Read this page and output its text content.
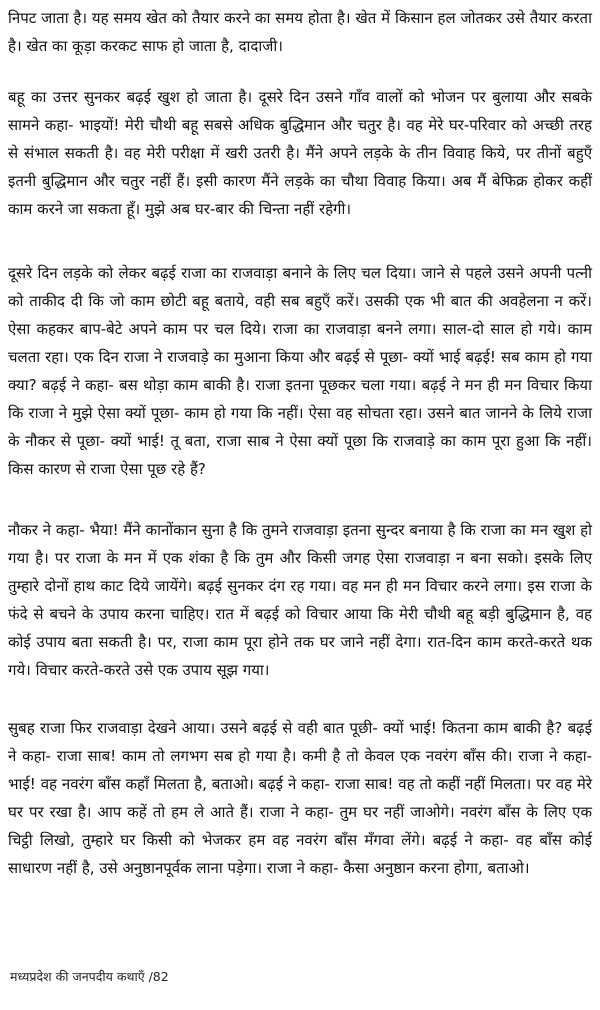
निपट जाता है। यह समय खेत को तैयार करने का समय होता है। खेत में किसान हल जोतकर उसे तैयार करता है। खेत का कूड़ा करकट साफ हो जाता है, दादाजी।

बहू का उत्तर सुनकर बढ़ई खुश हो जाता है। दूसरे दिन उसने गाँव वालों को भोजन पर बुलाया और सबके सामने कहा- भाइयों! मेरी चौथी बहू सबसे अधिक बुद्धिमान और चतुर है। वह मेरे घर-परिवार को अच्छी तरह से संभाल सकती है। वह मेरी परीक्षा में खरी उतरी है। मैंने अपने लड़के के तीन विवाह किये, पर तीनों बहुएँ इतनी बुद्धिमान और चतुर नहीं हैं। इसी कारण मैंने लड़के का चौथा विवाह किया। अब मैं बेफिक्र होकर कहीं काम करने जा सकता हूँ। मुझे अब घर-बार की चिन्ता नहीं रहेगी।

दूसरे दिन लड़के को लेकर बढ़ई राजा का राजवाड़ा बनाने के लिए चल दिया। जाने से पहले उसने अपनी पत्नी को ताकीद दी कि जो काम छोटी बहू बताये, वही सब बहुएँ करें। उसकी एक भी बात की अवहेलना न करें। ऐसा कहकर बाप-बेटे अपने काम पर चल दिये। राजा का राजवाड़ा बनने लगा। साल-दो साल हो गये। काम चलता रहा। एक दिन राजा ने राजवाड़े का मुआना किया और बढ़ई से पूछा- क्यों भाई बढ़ई! सब काम हो गया क्या? बढ़ई ने कहा- बस थोड़ा काम बाकी है। राजा इतना पूछकर चला गया। बढ़ई ने मन ही मन विचार किया कि राजा ने मुझे ऐसा क्यों पूछा- काम हो गया कि नहीं। ऐसा वह सोचता रहा। उसने बात जानने के लिये राजा के नौकर से पूछा- क्यों भाई! तू बता, राजा साब ने ऐसा क्यों पूछा कि राजवाड़े का काम पूरा हुआ कि नहीं। किस कारण से राजा ऐसा पूछ रहे हैं?

नौकर ने कहा- भैया! मैंने कानोंकान सुना है कि तुमने राजवाड़ा इतना सुन्दर बनाया है कि राजा का मन खुश हो गया है। पर राजा के मन में एक शंका है कि तुम और किसी जगह ऐसा राजवाड़ा न बना सको। इसके लिए तुम्हारे दोनों हाथ काट दिये जायेंगे। बढ़ई सुनकर दंग रह गया। वह मन ही मन विचार करने लगा। इस राजा के फंदे से बचने के उपाय करना चाहिए। रात में बढ़ई को विचार आया कि मेरी चौथी बहू बड़ी बुद्धिमान है, वह कोई उपाय बता सकती है। पर, राजा काम पूरा होने तक घर जाने नहीं देगा। रात-दिन काम करते-करते थक गये। विचार करते-करते उसे एक उपाय सूझ गया।

सुबह राजा फिर राजवाड़ा देखने आया। उसने बढ़ई से वही बात पूछी- क्यों भाई! कितना काम बाकी है? बढ़ई ने कहा- राजा साब! काम तो लगभग सब हो गया है। कमी है तो केवल एक नवरंग बाँस की। राजा ने कहा- भाई! वह नवरंग बाँस कहाँ मिलता है, बताओ। बढ़ई ने कहा- राजा साब! वह तो कहीं नहीं मिलता। पर वह मेरे घर पर रखा है। आप कहें तो हम ले आते हैं। राजा ने कहा- तुम घर नहीं जाओगे। नवरंग बाँस के लिए एक चिट्ठी लिखो, तुम्हारे घर किसी को भेजकर हम वह नवरंग बाँस मँगवा लेंगे। बढ़ई ने कहा- वह बाँस कोई साधारण नहीं है, उसे अनुष्ठानपूर्वक लाना पड़ेगा। राजा ने कहा- कैसा अनुष्ठान करना होगा, बताओ।

मध्यप्रदेश की जनपदीय कथाएँ /82
